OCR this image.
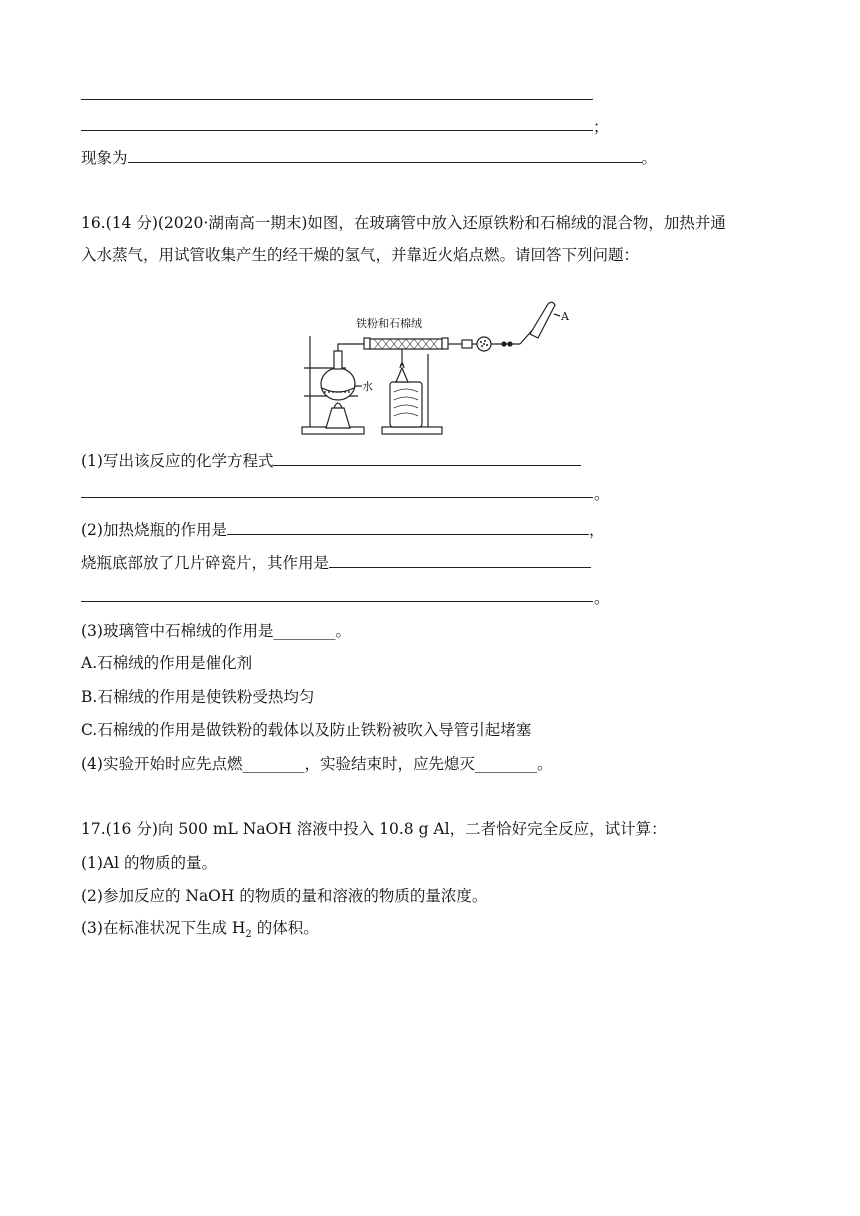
；
现象为	。
16.(14 分)(2020·湖南高一期末)如图，在玻璃管中放入还原铁粉和石棉绒的混合物，加热并通
入水蒸气，用试管收集产生的经干燥的氢气，并靠近火焰点燃。请回答下列问题：
铁粉和石棉绒
水
A
(1)写出该反应的化学方程式
。
(2)加热烧瓶的作用是	，
烧瓶底部放了几片碎瓷片，其作用是
。
(3)玻璃管中石棉绒的作用是________。
A.石棉绒的作用是催化剂
B.石棉绒的作用是使铁粉受热均匀
C.石棉绒的作用是做铁粉的载体以及防止铁粉被吹入导管引起堵塞
(4)实验开始时应先点燃________，实验结束时，应先熄灭________。
17.(16 分)向 500 mL NaOH 溶液中投入 10.8 g Al，二者恰好完全反应，试计算：
(1)Al 的物质的量。
(2)参加反应的 NaOH 的物质的量和溶液的物质的量浓度。
(3)在标准状况下生成 $H_2$ 的体积。
